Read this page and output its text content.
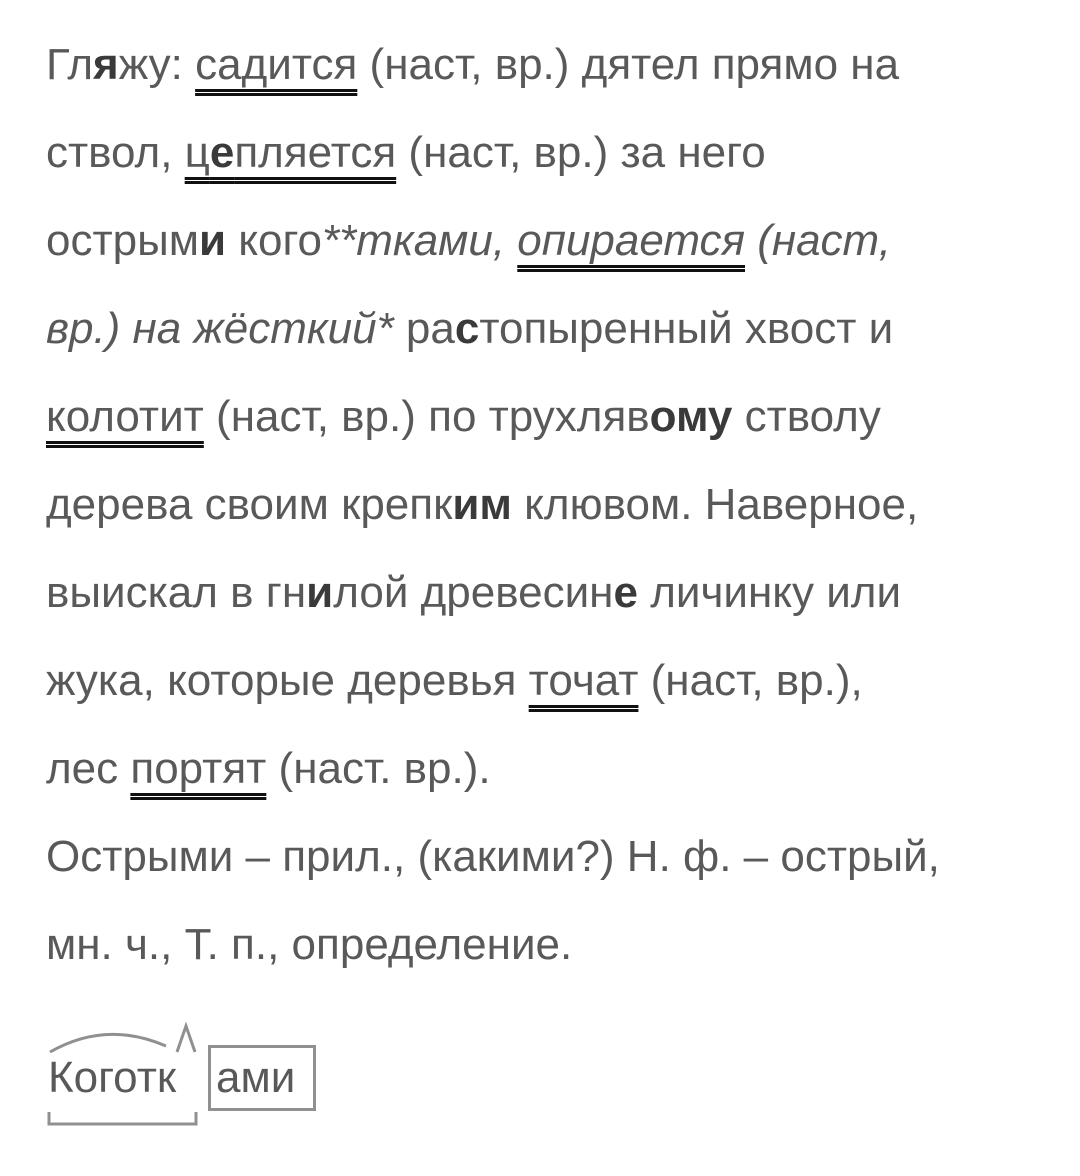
Гляжу: садится (наст, вр.) дятел прямо на
ствол, цепляется (наст, вр.) за него
острыми кого**тками, опирается (наст,
вр.) на жёсткий* растопыренный хвост и
колотит (наст, вр.) по трухлявому стволу
дерева своим крепким клювом. Наверное,
выискал в гнилой древесине личинку или
жука, которые деревья точат (наст, вр.),
лес портят (наст. вр.).
Острыми – прил., (какими?) Н. ф. – острый,
мн. ч., Т. п., определение.
Коготк ами
